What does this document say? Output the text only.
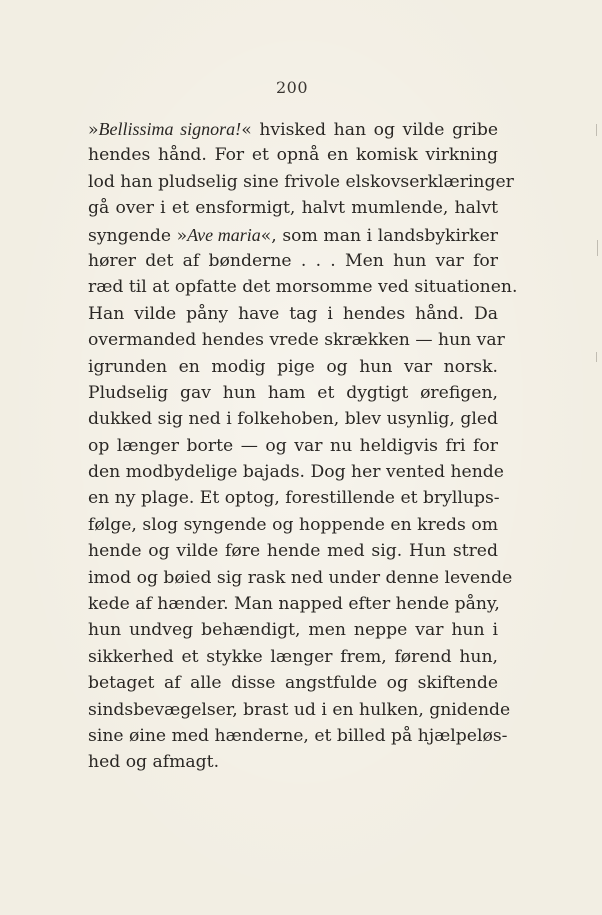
200
»Bellissima signora!« hvisked han og vilde gribe
hendes hånd. For et opnå en komisk virkning
lod han pludselig sine frivole elskovserklæringer
gå over i et ensformigt, halvt mumlende, halvt
syngende »Ave maria«, som man i landsbykirker
hører det af bønderne . . . Men hun var for
ræd til at opfatte det morsomme ved situationen.
Han vilde påny have tag i hendes hånd. Da
overmanded hendes vrede skrækken — hun var
igrunden en modig pige og hun var norsk.
Pludselig gav hun ham et dygtigt ørefigen,
dukked sig ned i folkehoben, blev usynlig, gled
op længer borte — og var nu heldigvis fri for
den modbydelige bajads. Dog her vented hende
en ny plage. Et optog, forestillende et bryllups-
følge, slog syngende og hoppende en kreds om
hende og vilde føre hende med sig. Hun stred
imod og bøied sig rask ned under denne levende
kede af hænder. Man napped efter hende påny,
hun undveg behændigt, men neppe var hun i
sikkerhed et stykke længer frem, førend hun,
betaget af alle disse angstfulde og skiftende
sindsbevægelser, brast ud i en hulken, gnidende
sine øine med hænderne, et billed på hjælpeløs-
hed og afmagt.
